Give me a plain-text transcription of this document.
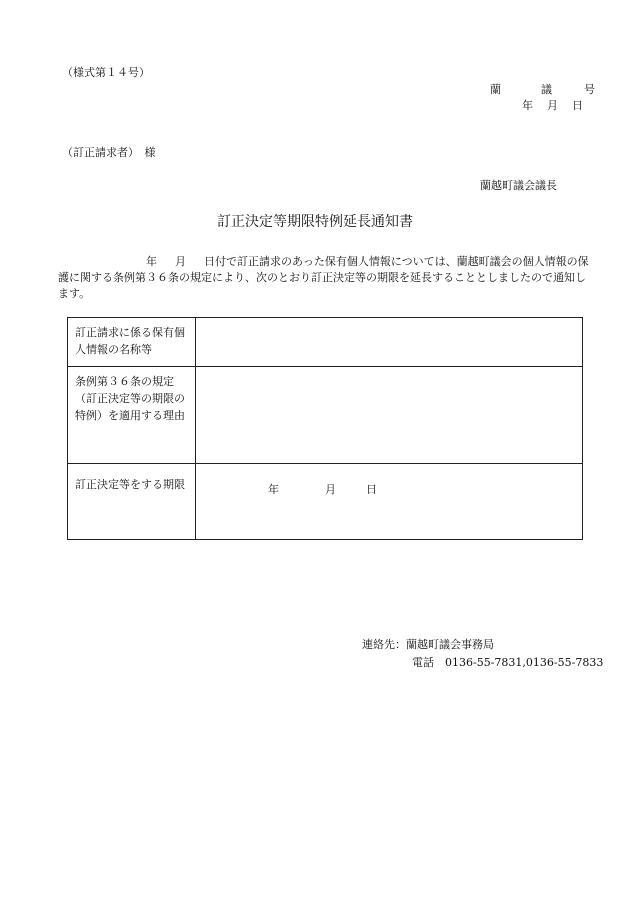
（様式第１４号）
蘭	議	号
年 月 日
（訂正請求者）　様
蘭越町議会議長
訂正決定等期限特例延長通知書
年 月 日付で訂正請求のあった保有個人情報については、蘭越町議会の個人情報の保護に関する条例第３６条の規定により、次のとおり訂正決定等の期限を延長することとしましたので通知します。
訂正請求に係る保有個人情報の名称等	
条例第３６条の規定（訂正決定等の期限の特例）を適用する理由	
訂正決定等をする期限	年 月 日
連絡先：蘭越町議会事務局
電話　0136-55-7831,0136-55-7833
